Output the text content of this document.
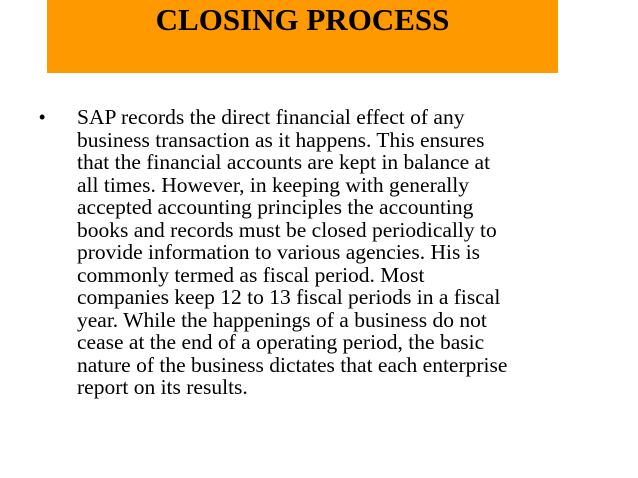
CLOSING PROCESS
• SAP records the direct financial effect of any
business transaction as it happens. This ensures
that the financial accounts are kept in balance at
all times. However, in keeping with generally
accepted accounting principles the accounting
books and records must be closed periodically to
provide information to various agencies. His is
commonly termed as fiscal period. Most
companies keep 12 to 13 fiscal periods in a fiscal
year. While the happenings of a business do not
cease at the end of a operating period, the basic
nature of the business dictates that each enterprise
report on its results.
